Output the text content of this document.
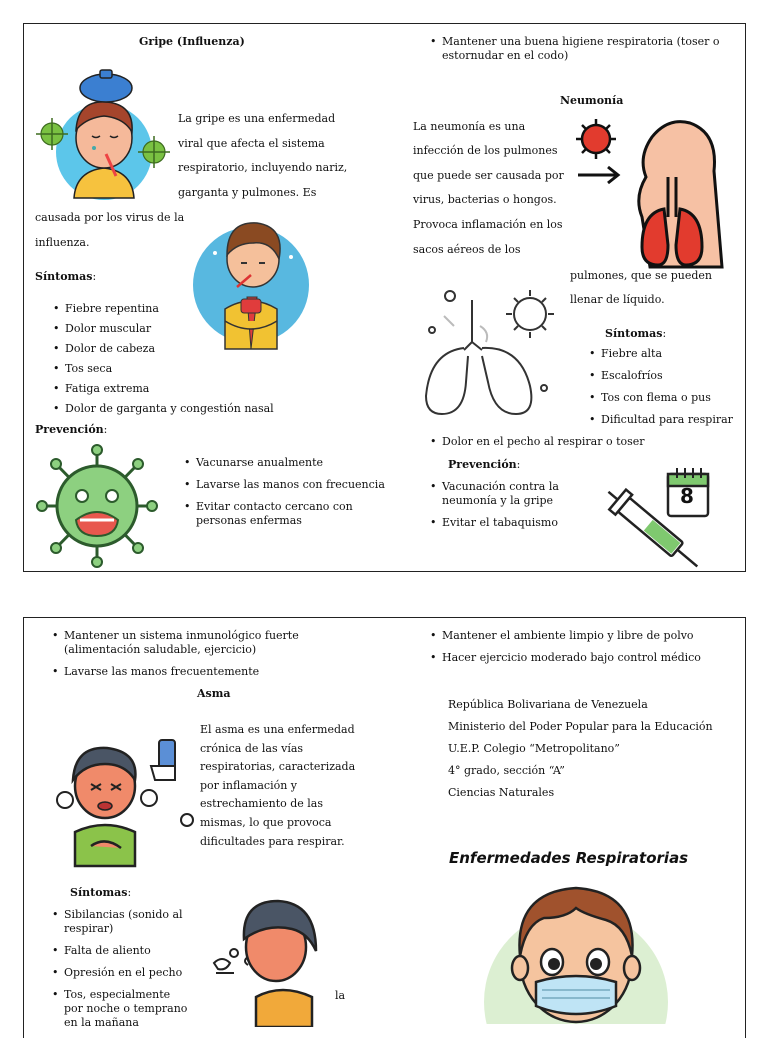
Gripe (Influenza)
La gripe es una enfermedad
viral que afecta el sistema
respiratorio, incluyendo nariz,
garganta y pulmones. Es
causada por los virus de la
influenza.
Síntomas:
• Fiebre repentina
• Dolor muscular
• Dolor de cabeza
• Tos seca
• Fatiga extrema
• Dolor de garganta y congestión nasal
Prevención:
• Vacunarse anualmente
• Lavarse las manos con frecuencia
• Evitar contacto cercano con personas enfermas
• Mantener una buena higiene respiratoria (toser o estornudar en el codo)
Neumonía
La neumonía es una
infección de los pulmones
que puede ser causada por
virus, bacterias o hongos.
Provoca inflamación en los
sacos aéreos de los
pulmones, que se pueden
llenar de líquido.
Síntomas:
• Fiebre alta
• Escalofríos
• Tos con flema o pus
• Dificultad para respirar
• Dolor en el pecho al respirar o toser
Prevención:
• Vacunación contra la neumonía y la gripe
• Evitar el tabaquismo
8
• Mantener un sistema inmunológico fuerte (alimentación saludable, ejercicio)
• Lavarse las manos frecuentemente
Asma
El asma es una enfermedad
crónica de las vías
respiratorias, caracterizada
por inflamación y
estrechamiento de las
mismas, lo que provoca
dificultades para respirar.
Síntomas:
• Sibilancias (sonido al respirar)
• Falta de aliento
• Opresión en el pecho
• Tos, especialmente por noche o temprano en la mañana
la
• Mantener el ambiente limpio y libre de polvo
• Hacer ejercicio moderado bajo control médico
República Bolivariana de Venezuela
Ministerio del Poder Popular para la Educación
U.E.P. Colegio “Metropolitano”
4° grado, sección “A”
Ciencias Naturales
Enfermedades Respiratorias
